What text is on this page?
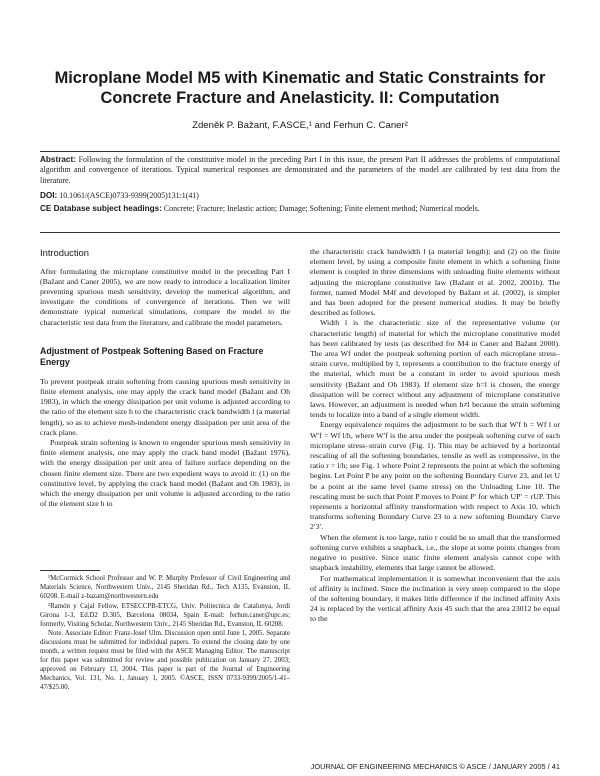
Microplane Model M5 with Kinematic and Static Constraints for Concrete Fracture and Anelasticity. II: Computation
Zdeněk P. Bažant, F.ASCE,¹ and Ferhun C. Caner²

Abstract: Following the formulation of the constitutive model in the preceding Part I in this issue, the present Part II addresses the problems of computational algorithm and convergence of iterations. Typical numerical responses are demonstrated and the parameters of the model are calibrated by test data from the literature.

DOI: 10.1061/(ASCE)0733-9399(2005)131:1(41)

CE Database subject headings: Concrete; Fracture; Inelastic action; Damage; Softening; Finite element method; Numerical models.

Introduction

After formulating the microplane constitutive model in the preceding Part I (Bažant and Caner 2005), we are now ready to introduce a localization limiter preventing spurious mesh sensitivity, develop the numerical algorithm, and investigate the conditions of convergence of iterations. Then we will demonstrate typical numerical simulations, compare the model to the characteristic test data from the literature, and calibrate the model parameters.

Adjustment of Postpeak Softening Based on Fracture Energy

To prevent postpeak strain softening from causing spurious mesh sensitivity in finite element analysis, one may apply the crack band model (Bažant and Oh 1983), in which the energy dissipation per unit volume is adjusted according to the ratio of the element size h to the characteristic crack bandwidth l (a material length), so as to achieve mesh-indendent energy dissipation per unit area of the crack plane.

Postpeak strain softening is known to engender spurious mesh sensitivity in finite element analysis, one may apply the crack band model (Bažant 1976), with the energy dissipation per unit area of failure surface depending on the chosen finite element size. There are two expedient ways to avoid it: (1) on the constitutive level, by applying the crack band model (Bažant and Oh 1983), in which the energy dissipation per unit volume is adjusted according to the ratio of the element size h to

¹McCormick School Professor and W. P. Murphy Professor of Civil Engineering and Materials Science, Northwestern Univ., 2145 Sheridan Rd., Tech A135, Evanston, IL 60208. E-mail z-bazant@northwestern.edu

²Ramón y Cajal Fellow, ETSECCPB-ETCG, Univ. Politecnica de Catalunya, Jordi Girona 1-3, Ed.D2 D.305, Barcelona 08034, Spain E-mail: ferhun.caner@upc.es; formerly, Visiting Scholar, Northwestern Univ., 2145 Sheridan Rd., Evanston, IL 60208.

Note. Associate Editor: Franz-Josef Ulm. Discussion open until June 1, 2005. Separate discussions must be submitted for individual papers. To extend the closing date by one month, a written request must be filed with the ASCE Managing Editor. The manuscript for this paper was submitted for review and possible publication on January 27, 2003; approved on February 13, 2004. This paper is part of the Journal of Engineering Mechanics, Vol. 131, No. 1, January 1, 2005. ©ASCE, ISSN 0733-9399/2005/1-41–47/$25.00.

the characteristic crack bandwidth l (a material length); and (2) on the finite element level, by using a composite finite element in which a softening finite element is coupled in three dimensions with unloading finite elements without adjusting the microplane constitutive law (Bažant et al. 2002, 2001b). The former, named Model M4f and developed by Bažant et al. (2002), is simpler and has been adopted for the present numerical studies. It may be briefly described as follows.

Width l is the characteristic size of the representative volume (or characteristic length) of material for which the microplane constitutive model has been calibrated by tests (as described for M4 in Caner and Bažant 2000). The area Wf under the postpeak softening portion of each microplane stress–strain curve, multiplied by l, represents a contribution to the fracture energy of the material, which must be a constant in order to avoid spurious mesh sensitivity (Bažant and Oh 1983). If element size h=l is chosen, the energy dissipation will be correct without any adjustment of microplane constitutive laws. However, an adjustment is needed when h≠l because the strain softening tends to localize into a band of a single element width.

Energy equivalence requires the adjustment to be such that W′f h = Wf l or W′f = Wf l/h, where W′f is the area under the postpeak softening curve of each microplane stress–strain curve (Fig. 1). This may be achieved by a horizontal rescaling of all the softening boundaries, tensile as well as compressive, in the ratio r = l/h; see Fig. 1 where Point 2 represents the point at which the softening begins. Let Point P be any point on the softening Boundary Curve 23, and let U be a point at the same level (same stress) on the Unloading Line 10. The rescaling must be such that Point P moves to Point P′ for which UP′ = rUP. This represents a horizontal affinity transformation with respect to Axis 10, which transforms softening Boundary Curve 23 to a new softening Boundary Curve 2′3′.

When the element is too large, ratio r could be so small that the transformed softening curve exhibits a snapback, i.e., the slope at some points changes from negative to positive. Since static finite element analysis cannot cope with snapback instability, elements that large cannot be allowed.

For mathematical implementation it is somewhat inconvenient that the axis of affinity is inclined. Since the inclination is very steep compared to the slope of the softening boundary, it makes little difference if the inclined affinity Axis 24 is replaced by the vertical affinity Axis 45 such that the area 23012 be equal to the

JOURNAL OF ENGINEERING MECHANICS © ASCE / JANUARY 2005 / 41
